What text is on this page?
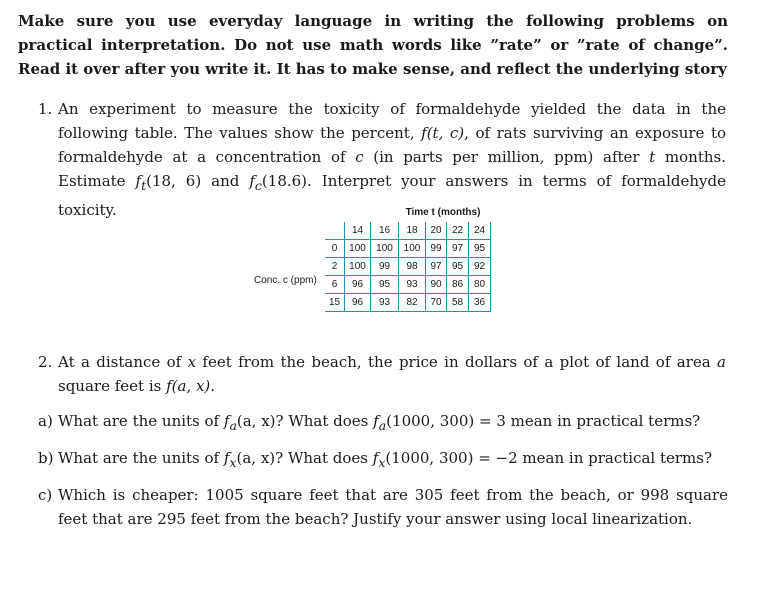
Make sure you use everyday language in writing the following problems on practical interpretation. Do not use math words like ”rate” or ”rate of change”. Read it over after you write it. It has to make sense, and reflect the underlying story
1. An experiment to measure the toxicity of formaldehyde yielded the data in the following table. The values show the percent, f(t, c), of rats surviving an exposure to formaldehyde at a concentration of c (in parts per million, ppm) after t months. Estimate $f_t(18$, 6) and $f_c(18.6)$. Interpret your answers in terms of formaldehyde toxicity.	Time t (months)
Conc. c (ppm)
	14	16	18	20	22	24
0	100	100	100	99	97	95
2	100	99	98	97	95	92
6	96	95	93	90	86	80
15	96	93	82	70	58	36
2. At a distance of x feet from the beach, the price in dollars of a plot of land of area a square feet is f(a, x).
a) What are the units of $f_a(a$, x)? What does $f_a(1000$, 300) = 3 mean in practical terms?
b) What are the units of $f_x(a$, x)? What does $f_x(1000$, 300) = −2 mean in practical terms?
c) Which is cheaper: 1005 square feet that are 305 feet from the beach, or 998 square feet that are 295 feet from the beach? Justify your answer using local linearization.
